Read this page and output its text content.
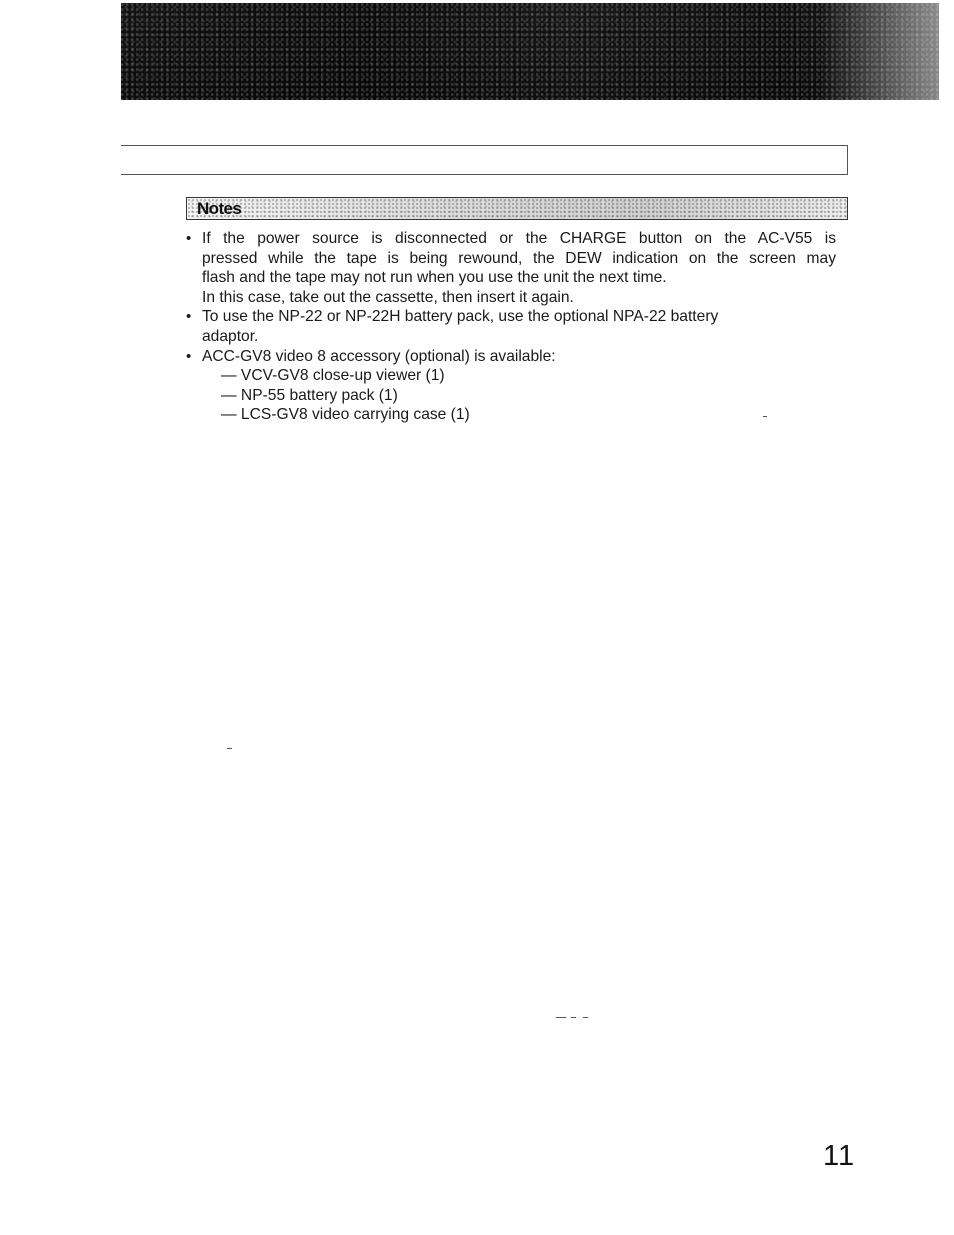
Notes
• If the power source is disconnected or the CHARGE button on the AC-V55 is
pressed while the tape is being rewound, the DEW indication on the screen may
flash and the tape may not run when you use the unit the next time.
In this case, take out the cassette, then insert it again.
• To use the NP-22 or NP-22H battery pack, use the optional NPA-22 battery
adaptor.
• ACC-GV8 video 8 accessory (optional) is available:
— VCV-GV8 close-up viewer (1)
— NP-55 battery pack (1)
— LCS-GV8 video carrying case (1)
11
